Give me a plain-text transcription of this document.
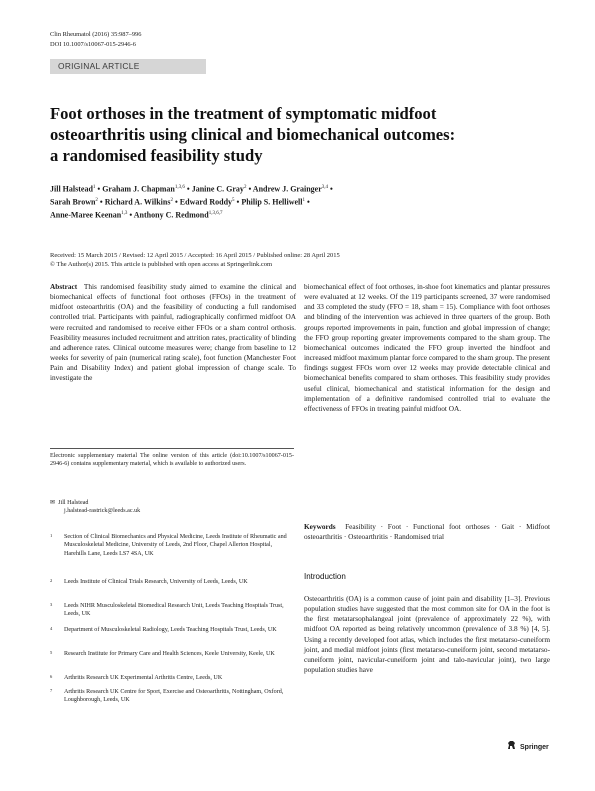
Clin Rheumatol (2016) 35:987–996
DOI 10.1007/s10067-015-2946-6
ORIGINAL ARTICLE
Foot orthoses in the treatment of symptomatic midfoot
osteoarthritis using clinical and biomechanical outcomes:
a randomised feasibility study
Jill Halstead$^1$ • Graham J. Chapman$^{1,3,6}$ • Janine C. Gray$^2$ • Andrew J. Grainger$^{3,4}$ •
Sarah Brown$^2$ • Richard A. Wilkins$^2$ • Edward Roddy$^5$ • Philip S. Helliwell$^1$ •
Anne-Maree Keenan$^{1,3}$ • Anthony C. Redmond$^{1,3,6,7}$
Received: 15 March 2015 / Revised: 12 April 2015 / Accepted: 16 April 2015 / Published online: 28 April 2015
© The Author(s) 2015. This article is published with open access at Springerlink.com

Abstract This randomised feasibility study aimed to examine the clinical and biomechanical effects of functional foot orthoses (FFOs) in the treatment of midfoot osteoarthritis (OA) and the feasibility of conducting a full randomised controlled trial. Participants with painful, radiographically confirmed midfoot OA were recruited and randomised to receive either FFOs or a sham control orthosis. Feasibility measures included recruitment and attrition rates, practicality of blinding and adherence rates. Clinical outcome measures were; change from baseline to 12 weeks for severity of pain (numerical rating scale), foot function (Manchester Foot Pain and Disability Index) and patient global impression of change scale. To investigate the

Electronic supplementary material The online version of this article (doi:10.1007/s10067-015-2946-6) contains supplementary material, which is available to authorized users.
✉ Jill Halstead
j.halstead-rastrick@leeds.ac.uk
1 Section of Clinical Biomechanics and Physical Medicine, Leeds Institute of Rheumatic and Musculoskeletal Medicine, University of Leeds, 2nd Floor, Chapel Allerton Hospital, Harehills Lane, Leeds LS7 4SA, UK
2 Leeds Institute of Clinical Trials Research, University of Leeds, Leeds, UK
3 Leeds NIHR Musculoskeletal Biomedical Research Unit, Leeds Teaching Hospitals Trust, Leeds, UK
4 Department of Musculoskeletal Radiology, Leeds Teaching Hospitals Trust, Leeds, UK
5 Research Institute for Primary Care and Health Sciences, Keele University, Keele, UK
6 Arthritis Research UK Experimental Arthritis Centre, Leeds, UK
7 Arthritis Research UK Centre for Sport, Exercise and Osteoarthritis, Nottingham, Oxford, Loughborough, Leeds, UK

biomechanical effect of foot orthoses, in-shoe foot kinematics and plantar pressures were evaluated at 12 weeks. Of the 119 participants screened, 37 were randomised and 33 completed the study (FFO = 18, sham = 15). Compliance with foot orthoses and blinding of the intervention was achieved in three quarters of the group. Both groups reported improvements in pain, function and global impression of change; the FFO group reporting greater improvements compared to the sham group. The biomechanical outcomes indicated the FFO group inverted the hindfoot and increased midfoot maximum plantar force compared to the sham group. The present findings suggest FFOs worn over 12 weeks may provide detectable clinical and biomechanical benefits compared to sham orthoses. This feasibility study provides useful clinical, biomechanical and statistical information for the design and implementation of a definitive randomised controlled trial to evaluate the effectiveness of FFOs in treating painful midfoot OA.

Keywords Feasibility · Foot · Functional foot orthoses · Gait · Midfoot osteoarthritis · Osteoarthritis · Randomised trial
Introduction
Osteoarthritis (OA) is a common cause of joint pain and disability [1–3]. Previous population studies have suggested that the most common site for OA in the foot is the first metatarsophalangeal joint (prevalence of approximately 22 %), with midfoot OA reported as being relatively uncommon (prevalence of 3.8 %) [4, 5]. Using a recently developed foot atlas, which includes the first metatarso-cuneiform joint, and medial midfoot joints (first metatarso-cuneiform joint, second metatarso-cuneiform joint, navicular-cuneiform joint and talo-navicular joint), two large population studies have
Springer
